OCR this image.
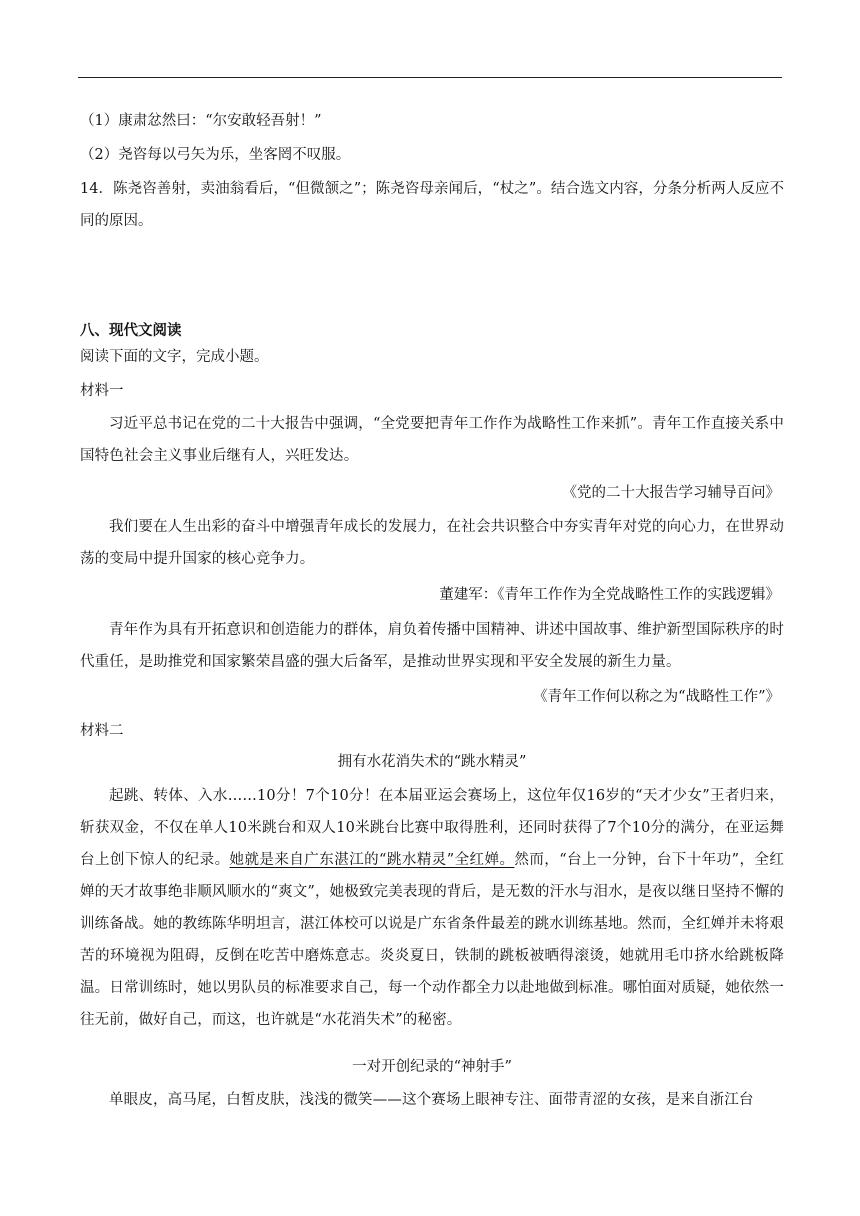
（1）康肃忿然曰：“尔安敢轻吾射！”
（2）尧咨每以弓矢为乐，坐客罔不叹服。
14．陈尧咨善射，卖油翁看后，“但微颔之”；陈尧咨母亲闻后，“杖之”。结合选文内容，分条分析两人反应不同的原因。
八、现代文阅读
阅读下面的文字，完成小题。
材料一
习近平总书记在党的二十大报告中强调，“全党要把青年工作作为战略性工作来抓”。青年工作直接关系中国特色社会主义事业后继有人，兴旺发达。
《党的二十大报告学习辅导百问》
我们要在人生出彩的奋斗中增强青年成长的发展力，在社会共识整合中夯实青年对党的向心力，在世界动荡的变局中提升国家的核心竞争力。
董建军：《青年工作作为全党战略性工作的实践逻辑》
青年作为具有开拓意识和创造能力的群体，肩负着传播中国精神、讲述中国故事、维护新型国际秩序的时代重任，是助推党和国家繁荣昌盛的强大后备军，是推动世界实现和平安全发展的新生力量。
《青年工作何以称之为“战略性工作”》
材料二
拥有水花消失术的“跳水精灵”
起跳、转体、入水……10分！7个10分！在本届亚运会赛场上，这位年仅16岁的“天才少女”王者归来，斩获双金，不仅在单人10米跳台和双人10米跳台比赛中取得胜利，还同时获得了7个10分的满分，在亚运舞台上创下惊人的纪录。她就是来自广东湛江的“跳水精灵”全红婵。然而，“台上一分钟，台下十年功”，全红婵的天才故事绝非顺风顺水的“爽文”，她极致完美表现的背后，是无数的汗水与泪水，是夜以继日坚持不懈的训练备战。她的教练陈华明坦言，湛江体校可以说是广东省条件最差的跳水训练基地。然而，全红婵并未将艰苦的环境视为阻碍，反倒在吃苦中磨炼意志。炎炎夏日，铁制的跳板被晒得滚烫，她就用毛巾挤水给跳板降温。日常训练时，她以男队员的标准要求自己，每一个动作都全力以赴地做到标准。哪怕面对质疑，她依然一往无前，做好自己，而这，也许就是“水花消失术”的秘密。
一对开创纪录的“神射手”
单眼皮，高马尾，白皙皮肤，浅浅的微笑——这个赛场上眼神专注、面带青涩的女孩，是来自浙江台
